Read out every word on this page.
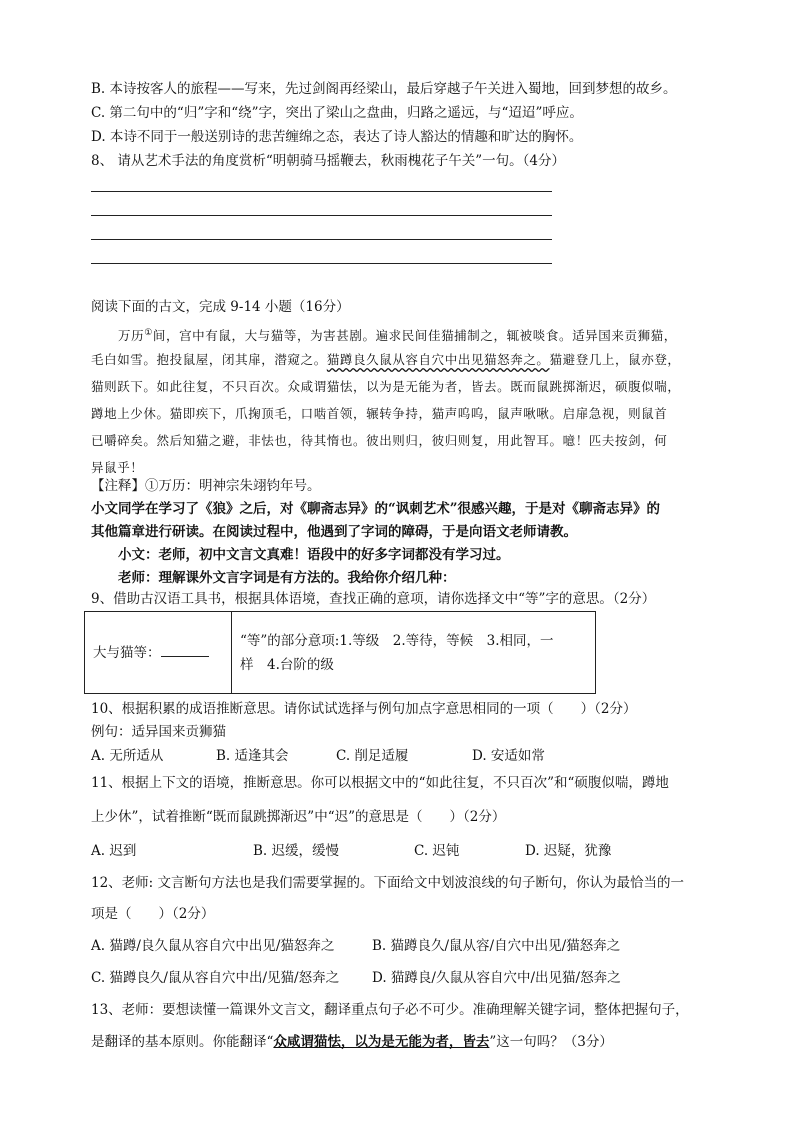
B. 本诗按客人的旅程——写来，先过剑阁再经梁山，最后穿越子午关进入蜀地，回到梦想的故乡。
C. 第二句中的“归”字和“绕”字，突出了梁山之盘曲，归路之遥远，与“迢迢”呼应。
D. 本诗不同于一般送别诗的悲苦缠绵之态，表达了诗人豁达的情趣和旷达的胸怀。
8、 请从艺术手法的角度赏析“明朝骑马摇鞭去，秋雨槐花子午关”一句。（4分）
阅读下面的古文，完成 9-14 小题（16分）
万历①间，宫中有鼠，大与猫等，为害甚剧。遍求民间佳猫捕制之，辄被啖食。适异国来贡狮猫，
毛白如雪。抱投鼠屋，闭其扉，潜窥之。猫蹲良久鼠从容自穴中出见猫怒奔之。猫避登几上，鼠亦登，
猫则跃下。如此往复，不只百次。众咸谓猫怯，以为是无能为者，皆去。既而鼠跳掷渐迟，硕腹似喘，
蹲地上少休。猫即疾下，爪掬顶毛，口啮首领，辗转争持，猫声呜呜，鼠声啾啾。启扉急视，则鼠首
已嚼碎矣。然后知猫之避，非怯也，待其惰也。彼出则归，彼归则复，用此智耳。噫！匹夫按剑，何
异鼠乎！
【注释】①万历：明神宗朱翊钧年号。
小文同学在学习了《狼》之后，对《聊斋志异》的“讽刺艺术”很感兴趣，于是对《聊斋志异》的
其他篇章进行研读。在阅读过程中，他遇到了字词的障碍，于是向语文老师请教。
小文：老师，初中文言文真难！语段中的好多字词都没有学习过。
老师：理解课外文言字词是有方法的。我给你介绍几种：
9、借助古汉语工具书，根据具体语境，查找正确的意项，请你选择文中“等”字的意思。（2分）
大与猫等：	
“等”的部分意项:1.等级　2.等待，等候　3.相同，一
样　4.台阶的级
10、根据积累的成语推断意思。请你试试选择与例句加点字意思相同的一项（　　）（2分）
例句：适异国来贡狮猫
A. 无所适从	B. 适逢其会	C. 削足适履	D. 安适如常
11、根据上下文的语境，推断意思。你可以根据文中的“如此往复，不只百次”和“硕腹似喘，蹲地
上少休”，试着推断“既而鼠跳掷渐迟”中“迟”的意思是（　　）（2分）
A. 迟到	B. 迟缓，缓慢	C. 迟钝	D. 迟疑，犹豫
12、老师: 文言断句方法也是我们需要掌握的。下面给文中划波浪线的句子断句，你认为最恰当的一
项是（　　）（2分）
A. 猫蹲/良久鼠从容自穴中出见/猫怒奔之	B. 猫蹲良久/鼠从容/自穴中出见/猫怒奔之
C. 猫蹲良久/鼠从容自穴中出/见猫/怒奔之 D. 猫蹲良/久鼠从容自穴中/出见猫/怒奔之
13、老师：要想读懂一篇课外文言文，翻译重点句子必不可少。准确理解关键字词，整体把握句子，
是翻译的基本原则。你能翻译“众咸谓猫怯，以为是无能为者，皆去”这一句吗？（3分）
